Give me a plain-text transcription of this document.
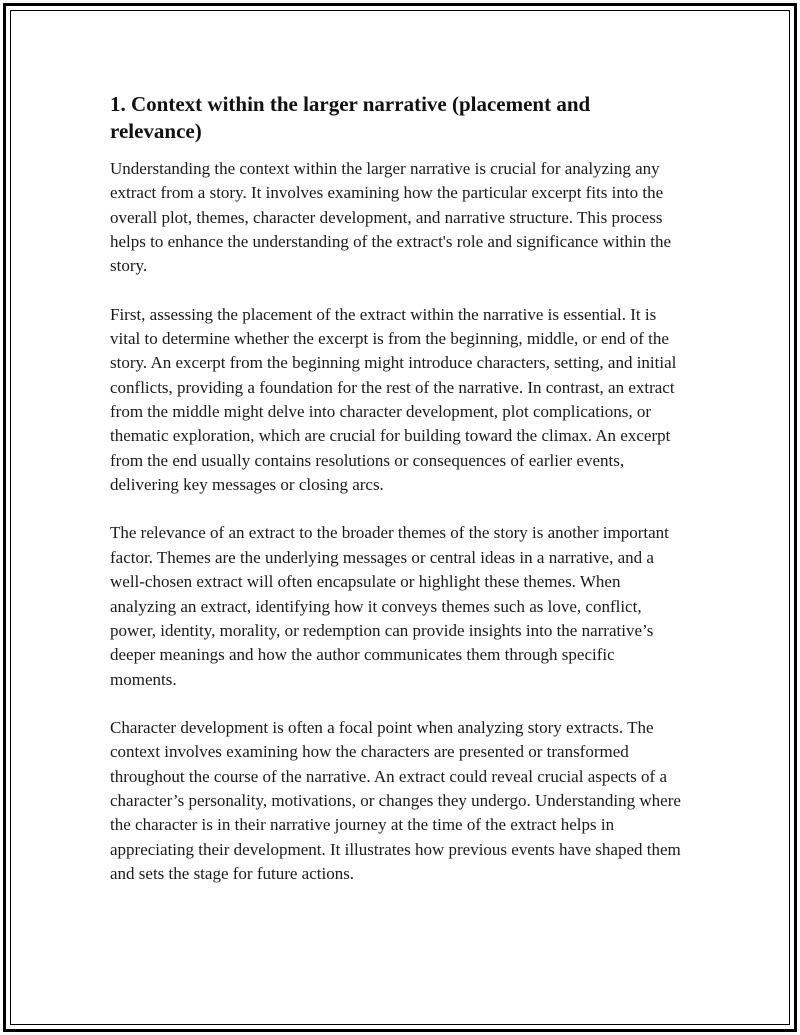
1. Context within the larger narrative (placement and relevance)

Understanding the context within the larger narrative is crucial for analyzing any extract from a story. It involves examining how the particular excerpt fits into the overall plot, themes, character development, and narrative structure. This process helps to enhance the understanding of the extract's role and significance within the story.

First, assessing the placement of the extract within the narrative is essential. It is vital to determine whether the excerpt is from the beginning, middle, or end of the story. An excerpt from the beginning might introduce characters, setting, and initial conflicts, providing a foundation for the rest of the narrative. In contrast, an extract from the middle might delve into character development, plot complications, or thematic exploration, which are crucial for building toward the climax. An excerpt from the end usually contains resolutions or consequences of earlier events, delivering key messages or closing arcs.

The relevance of an extract to the broader themes of the story is another important factor. Themes are the underlying messages or central ideas in a narrative, and a well-chosen extract will often encapsulate or highlight these themes. When analyzing an extract, identifying how it conveys themes such as love, conflict, power, identity, morality, or redemption can provide insights into the narrative’s deeper meanings and how the author communicates them through specific moments.

Character development is often a focal point when analyzing story extracts. The context involves examining how the characters are presented or transformed throughout the course of the narrative. An extract could reveal crucial aspects of a character’s personality, motivations, or changes they undergo. Understanding where the character is in their narrative journey at the time of the extract helps in appreciating their development. It illustrates how previous events have shaped them and sets the stage for future actions.
